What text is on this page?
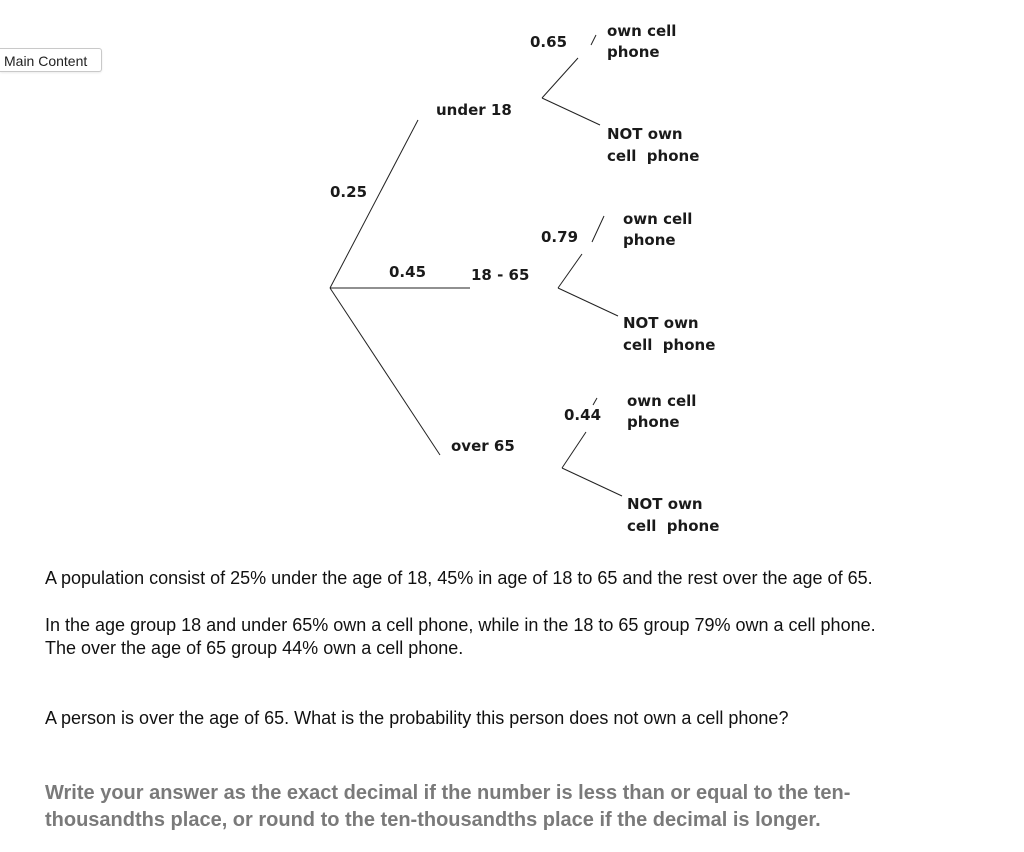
Main Content
0.25
0.45
under 18
18 - 65
over 65
0.65
0.79
0.44
own cell
phone
NOT own
cell  phone
own cell
phone
NOT own
cell  phone
own cell
phone
NOT own
cell  phone

A population consist of 25% under the age of 18, 45% in age of 18 to 65 and the rest over the age of 65.

In the age group 18 and under 65% own a cell phone, while in the 18 to 65 group 79% own a cell phone.

The over the age of 65 group 44% own a cell phone.

A person is over the age of 65. What is the probability this person does not own a cell phone?

Write your answer as the exact decimal if the number is less than or equal to the ten-thousandths place, or round to the ten-thousandths place if the decimal is longer.
